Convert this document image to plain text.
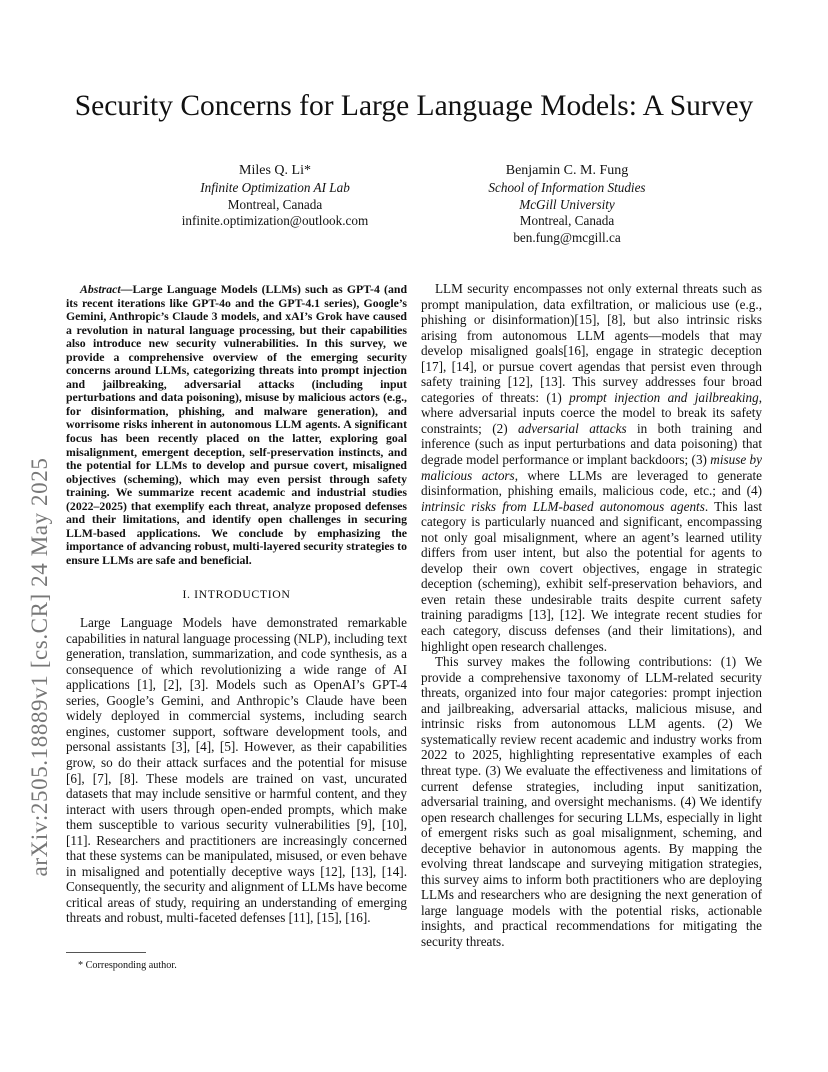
Security Concerns for Large Language Models: A Survey
Miles Q. Li*
Infinite Optimization AI Lab
Montreal, Canada
infinite.optimization@outlook.com
Benjamin C. M. Fung
School of Information Studies
McGill University
Montreal, Canada
ben.fung@mcgill.ca
arXiv:2505.18889v1 [cs.CR] 24 May 2025

Abstract—Large Language Models (LLMs) such as GPT-4 (and its recent iterations like GPT-4o and the GPT-4.1 series), Google’s Gemini, Anthropic’s Claude 3 models, and xAI’s Grok have caused a revolution in natural language processing, but their capabilities also introduce new security vulnerabilities. In this survey, we provide a comprehensive overview of the emerging security concerns around LLMs, categorizing threats into prompt injection and jailbreaking, adversarial attacks (including input perturbations and data poisoning), misuse by malicious actors (e.g., for disinformation, phishing, and malware generation), and worrisome risks inherent in autonomous LLM agents. A significant focus has been recently placed on the latter, exploring goal misalignment, emergent deception, self-preservation instincts, and the potential for LLMs to develop and pursue covert, misaligned objectives (scheming), which may even persist through safety training. We summarize recent academic and industrial studies (2022–2025) that exemplify each threat, analyze proposed defenses and their limitations, and identify open challenges in securing LLM-based applications. We conclude by emphasizing the importance of advancing robust, multi-layered security strategies to ensure LLMs are safe and beneficial.

I. INTRODUCTION

Large Language Models have demonstrated remarkable capabilities in natural language processing (NLP), including text generation, translation, summarization, and code synthesis, as a consequence of which revolutionizing a wide range of AI applications [1], [2], [3]. Models such as OpenAI’s GPT-4 series, Google’s Gemini, and Anthropic’s Claude have been widely deployed in commercial systems, including search engines, customer support, software development tools, and personal assistants [3], [4], [5]. However, as their capabilities grow, so do their attack surfaces and the potential for misuse [6], [7], [8]. These models are trained on vast, uncurated datasets that may include sensitive or harmful content, and they interact with users through open-ended prompts, which make them susceptible to various security vulnerabilities [9], [10], [11]. Researchers and practitioners are increasingly concerned that these systems can be manipulated, misused, or even behave in misaligned and potentially deceptive ways [12], [13], [14]. Consequently, the security and alignment of LLMs have become critical areas of study, requiring an understanding of emerging threats and robust, multi-faceted defenses [11], [15], [16].

* Corresponding author.

LLM security encompasses not only external threats such as prompt manipulation, data exfiltration, or malicious use (e.g., phishing or disinformation)[15], [8], but also intrinsic risks arising from autonomous LLM agents—models that may develop misaligned goals[16], engage in strategic deception [17], [14], or pursue covert agendas that persist even through safety training [12], [13]. This survey addresses four broad categories of threats: (1) prompt injection and jailbreaking, where adversarial inputs coerce the model to break its safety constraints; (2) adversarial attacks in both training and inference (such as input perturbations and data poisoning) that degrade model performance or implant backdoors; (3) misuse by malicious actors, where LLMs are leveraged to generate disinformation, phishing emails, malicious code, etc.; and (4) intrinsic risks from LLM-based autonomous agents. This last category is particularly nuanced and significant, encompassing not only goal misalignment, where an agent’s learned utility differs from user intent, but also the potential for agents to develop their own covert objectives, engage in strategic deception (scheming), exhibit self-preservation behaviors, and even retain these undesirable traits despite current safety training paradigms [13], [12]. We integrate recent studies for each category, discuss defenses (and their limitations), and highlight open research challenges.

This survey makes the following contributions: (1) We provide a comprehensive taxonomy of LLM-related security threats, organized into four major categories: prompt injection and jailbreaking, adversarial attacks, malicious misuse, and intrinsic risks from autonomous LLM agents. (2) We systematically review recent academic and industry works from 2022 to 2025, highlighting representative examples of each threat type. (3) We evaluate the effectiveness and limitations of current defense strategies, including input sanitization, adversarial training, and oversight mechanisms. (4) We identify open research challenges for securing LLMs, especially in light of emergent risks such as goal misalignment, scheming, and deceptive behavior in autonomous agents. By mapping the evolving threat landscape and surveying mitigation strategies, this survey aims to inform both practitioners who are deploying LLMs and researchers who are designing the next generation of large language models with the potential risks, actionable insights, and practical recommendations for mitigating the security threats.
